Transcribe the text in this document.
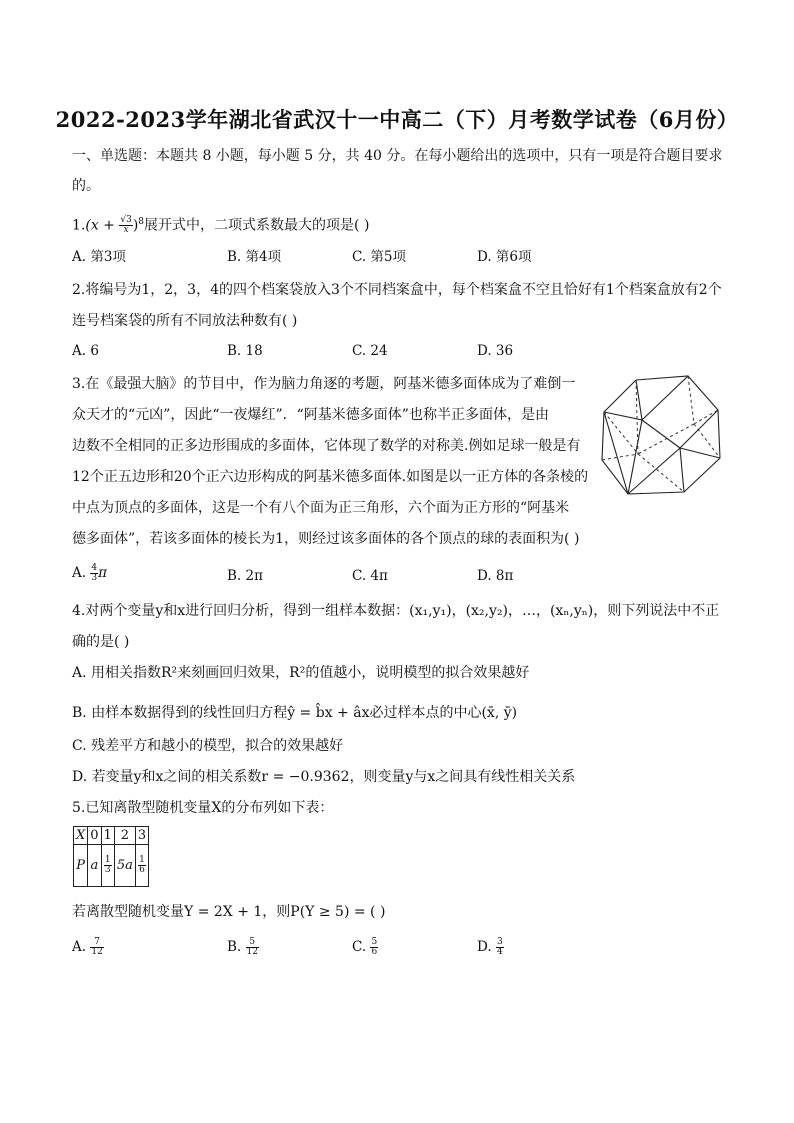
2022-2023学年湖北省武汉十一中高二（下）月考数学试卷（6月份）
一、单选题：本题共 8 小题，每小题 5 分，共 40 分。在每小题给出的选项中，只有一项是符合题目要求
的。
$1.(x + \frac{√3}{x} )^8$展开式中，二项式系数最大的项是( )
A. 第3项	B. 第4项	C. 第5项	D. 第6项
2.将编号为1，2，3，4的四个档案袋放入3个不同档案盒中，每个档案盒不空且恰好有1个档案盒放有2个
连号档案袋的所有不同放法种数有( )
A. 6	B. 18	C. 24	D. 36
3.在《最强大脑》的节目中，作为脑力角逐的考题，阿基米德多面体成为了难倒一
众天才的“元凶”，因此“一夜爆红”．“阿基米德多面体”也称半正多面体，是由
边数不全相同的正多边形围成的多面体，它体现了数学的对称美.例如足球一般是有
12个正五边形和20个正六边形构成的阿基米德多面体.如图是以一正方体的各条棱的
中点为顶点的多面体，这是一个有八个面为正三角形，六个面为正方形的“阿基米
德多面体”，若该多面体的棱长为1，则经过该多面体的各个顶点的球的表面积为( )
A. $\frac{4}{3}$ π	B. 2π	C. 4π	D. 8π
4.对两个变量y和x进行回归分析，得到一组样本数据：(x₁,y₁)，(x₂,y₂)，…，(xₙ,yₙ)，则下列说法中不正
确的是( )
A. 用相关指数R²来刻画回归效果，R²的值越小，说明模型的拟合效果越好
B. 由样本数据得到的线性回归方程ŷ = b̂x + âx必过样本点的中心(x̄, ȳ)
C. 残差平方和越小的模型，拟合的效果越好
D. 若变量y和x之间的相关系数r = −0.9362，则变量y与x之间具有线性相关关系
5.已知离散型随机变量X的分布列如下表：
X	0	1	2	3
P	a	$\frac{1}{3}$	5a	$\frac{1}{6}$
若离散型随机变量Y = 2X + 1，则P(Y ≥ 5) = ( )
A. $\frac{7}{12}$	B. $\frac{5}{12}$	C. $\frac{5}{6}$	D. $\frac{3}{4}$
